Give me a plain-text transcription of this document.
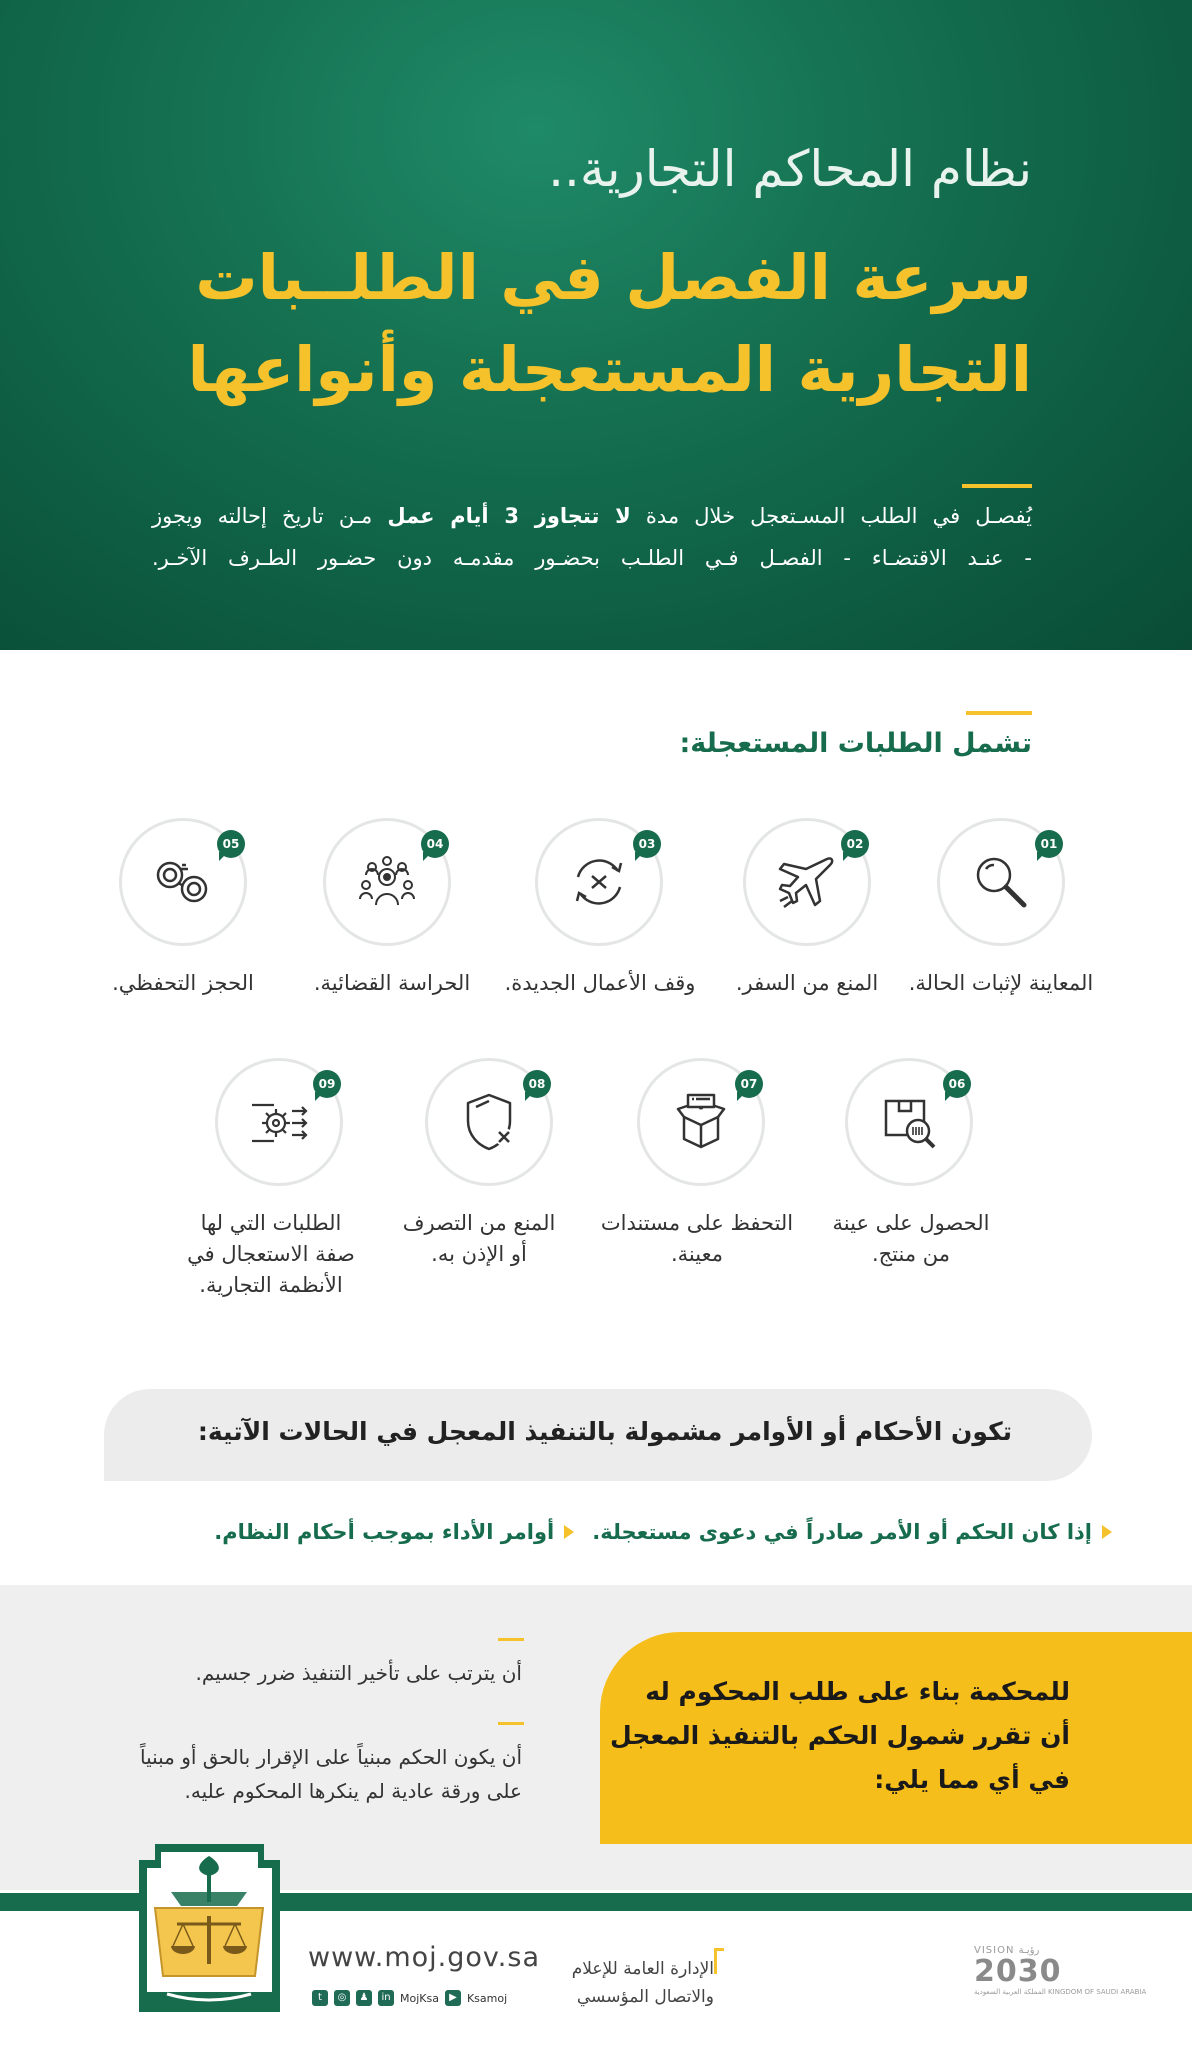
نظام المحاكم التجارية..
سرعة الفصل في الطلــبات
التجارية المستعجلة وأنواعها
يُفصـل في الطلب المسـتعجل خلال مدة لا تتجاوز 3 أيام عمل مـن تاريخ إحالته ويجوز
- عنـد الاقتضـاء - الفصـل فـي الطلـب بحضـور مقدمـه دون حضـور الطـرف الآخـر.
تشمل الطلبات المستعجلة:
01
المعاينة لإثبات الحالة.
02
المنع من السفر.
03
وقف الأعمال الجديدة.
04
الحراسة القضائية.
05
الحجز التحفظي.
06
الحصول على عينة من منتج.
07
التحفظ على مستندات معينة.
08
المنع من التصرف أو الإذن به.
09
الطلبات التي لها صفة الاستعجال في الأنظمة التجارية.
تكون الأحكام أو الأوامر مشمولة بالتنفيذ المعجل في الحالات الآتية:
إذا كان الحكم أو الأمر صادراً في دعوى مستعجلة.
أوامر الأداء بموجب أحكام النظام.
للمحكمة بناء على طلب المحكوم له أن تقرر شمول الحكم بالتنفيذ المعجل في أي مما يلي:
أن يترتب على تأخير التنفيذ ضرر جسيم.
أن يكون الحكم مبنياً على الإقرار بالحق أو مبنياً على ورقة عادية لم ينكرها المحكوم عليه.
www.moj.gov.sa
t	◎	♟	in MojKsa	▶ Ksamoj
الإدارة العامة للإعلام
والاتصال المؤسسي
VISION رؤيـة
2030
المملكة العربية السعودية KINGDOM OF SAUDI ARABIA
